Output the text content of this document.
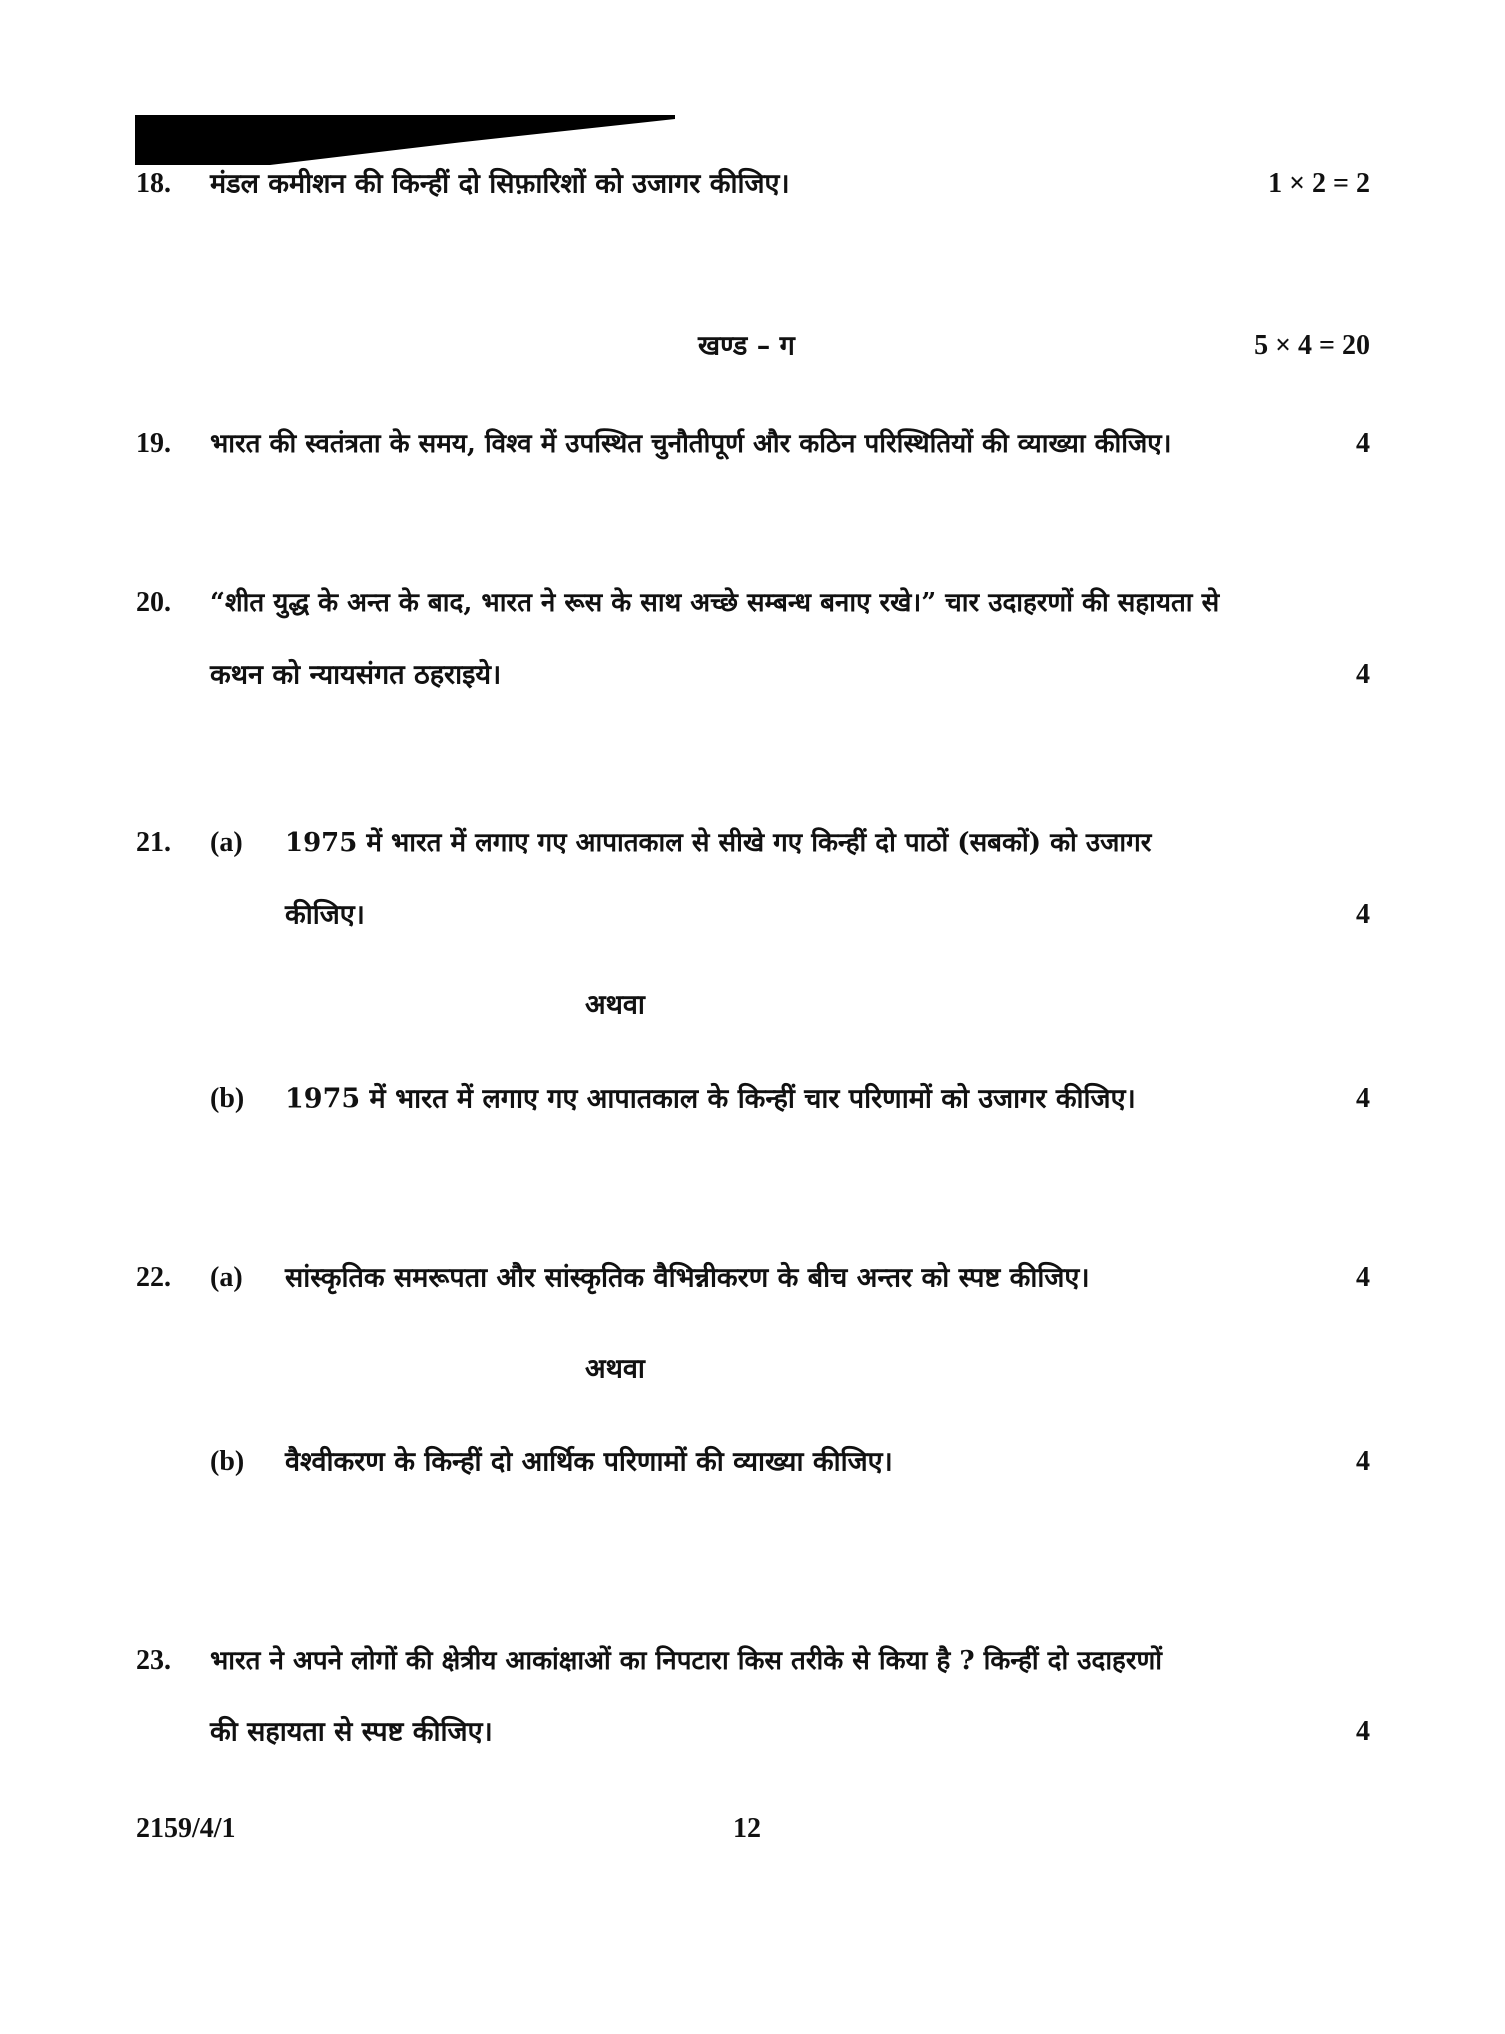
18. मंडल कमीशन की किन्हीं दो सिफ़ारिशों को उजागर कीजिए।	1 × 2 = 2
खण्ड – ग	5 × 4 = 20
19. भारत की स्वतंत्रता के समय, विश्व में उपस्थित चुनौतीपूर्ण और कठिन परिस्थितियों की व्याख्या कीजिए।	4
20. “शीत युद्ध के अन्त के बाद, भारत ने रूस के साथ अच्छे सम्बन्ध बनाए रखे।” चार उदाहरणों की सहायता से
कथन को न्यायसंगत ठहराइये।	4
21. (a) 1975 में भारत में लगाए गए आपातकाल से सीखे गए किन्हीं दो पाठों (सबकों) को उजागर
कीजिए।	4
अथवा
(b) 1975 में भारत में लगाए गए आपातकाल के किन्हीं चार परिणामों को उजागर कीजिए।	4
22. (a) सांस्कृतिक समरूपता और सांस्कृतिक वैभिन्नीकरण के बीच अन्तर को स्पष्ट कीजिए।	4
अथवा
(b) वैश्वीकरण के किन्हीं दो आर्थिक परिणामों की व्याख्या कीजिए।	4
23. भारत ने अपने लोगों की क्षेत्रीय आकांक्षाओं का निपटारा किस तरीके से किया है ? किन्हीं दो उदाहरणों
की सहायता से स्पष्ट कीजिए।	4
2159/4/1	12
